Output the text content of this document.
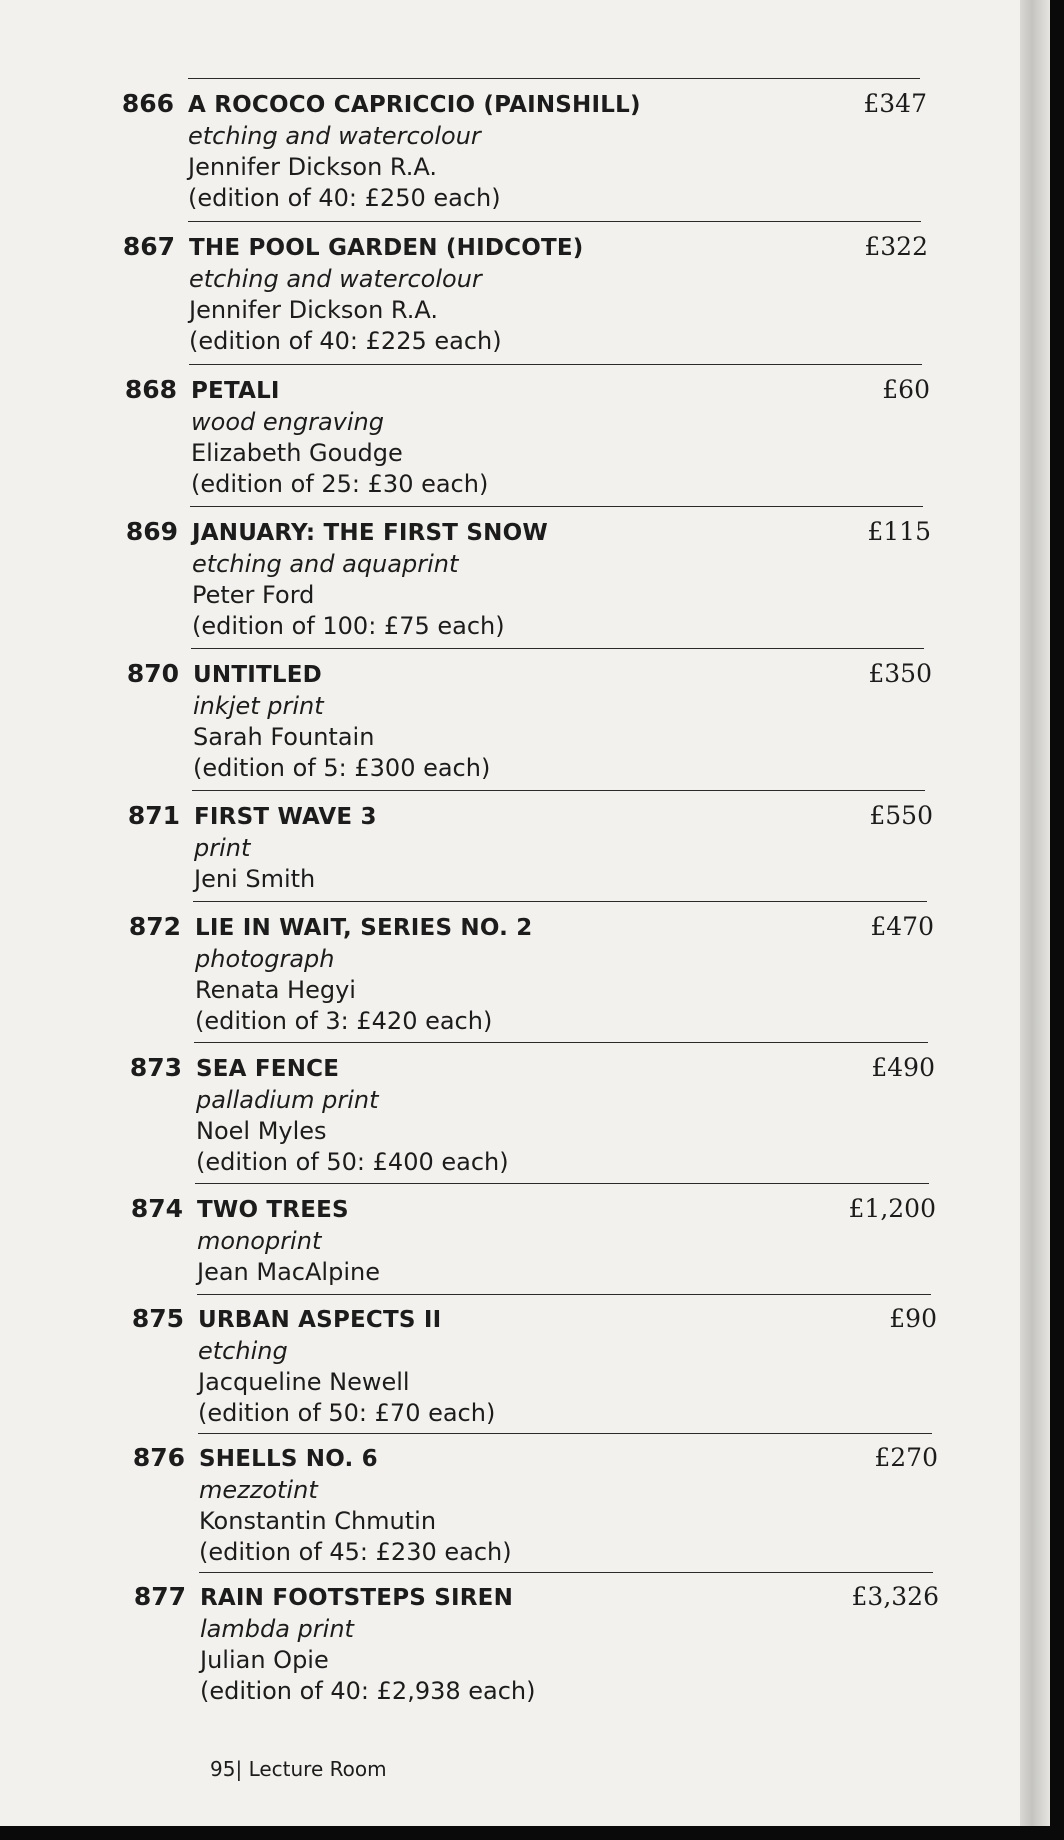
866 A ROCOCO CAPRICCIO (PAINSHILL)
etching and watercolour
Jennifer Dickson R.A.
(edition of 40: £250 each)
£347
867 THE POOL GARDEN (HIDCOTE)
etching and watercolour
Jennifer Dickson R.A.
(edition of 40: £225 each)
£322
868 PETALI
wood engraving
Elizabeth Goudge
(edition of 25: £30 each)
£60
869 JANUARY: THE FIRST SNOW
etching and aquaprint
Peter Ford
(edition of 100: £75 each)
£115
870 UNTITLED
inkjet print
Sarah Fountain
(edition of 5: £300 each)
£350
871 FIRST WAVE 3
print
Jeni Smith
£550
872 LIE IN WAIT, SERIES NO. 2
photograph
Renata Hegyi
(edition of 3: £420 each)
£470
873 SEA FENCE
palladium print
Noel Myles
(edition of 50: £400 each)
£490
874 TWO TREES
monoprint
Jean MacAlpine
£1,200
875 URBAN ASPECTS II
etching
Jacqueline Newell
(edition of 50: £70 each)
£90
876 SHELLS NO. 6
mezzotint
Konstantin Chmutin
(edition of 45: £230 each)
£270
877 RAIN FOOTSTEPS SIREN
lambda print
Julian Opie
(edition of 40: £2,938 each)
£3,326
95| Lecture Room
